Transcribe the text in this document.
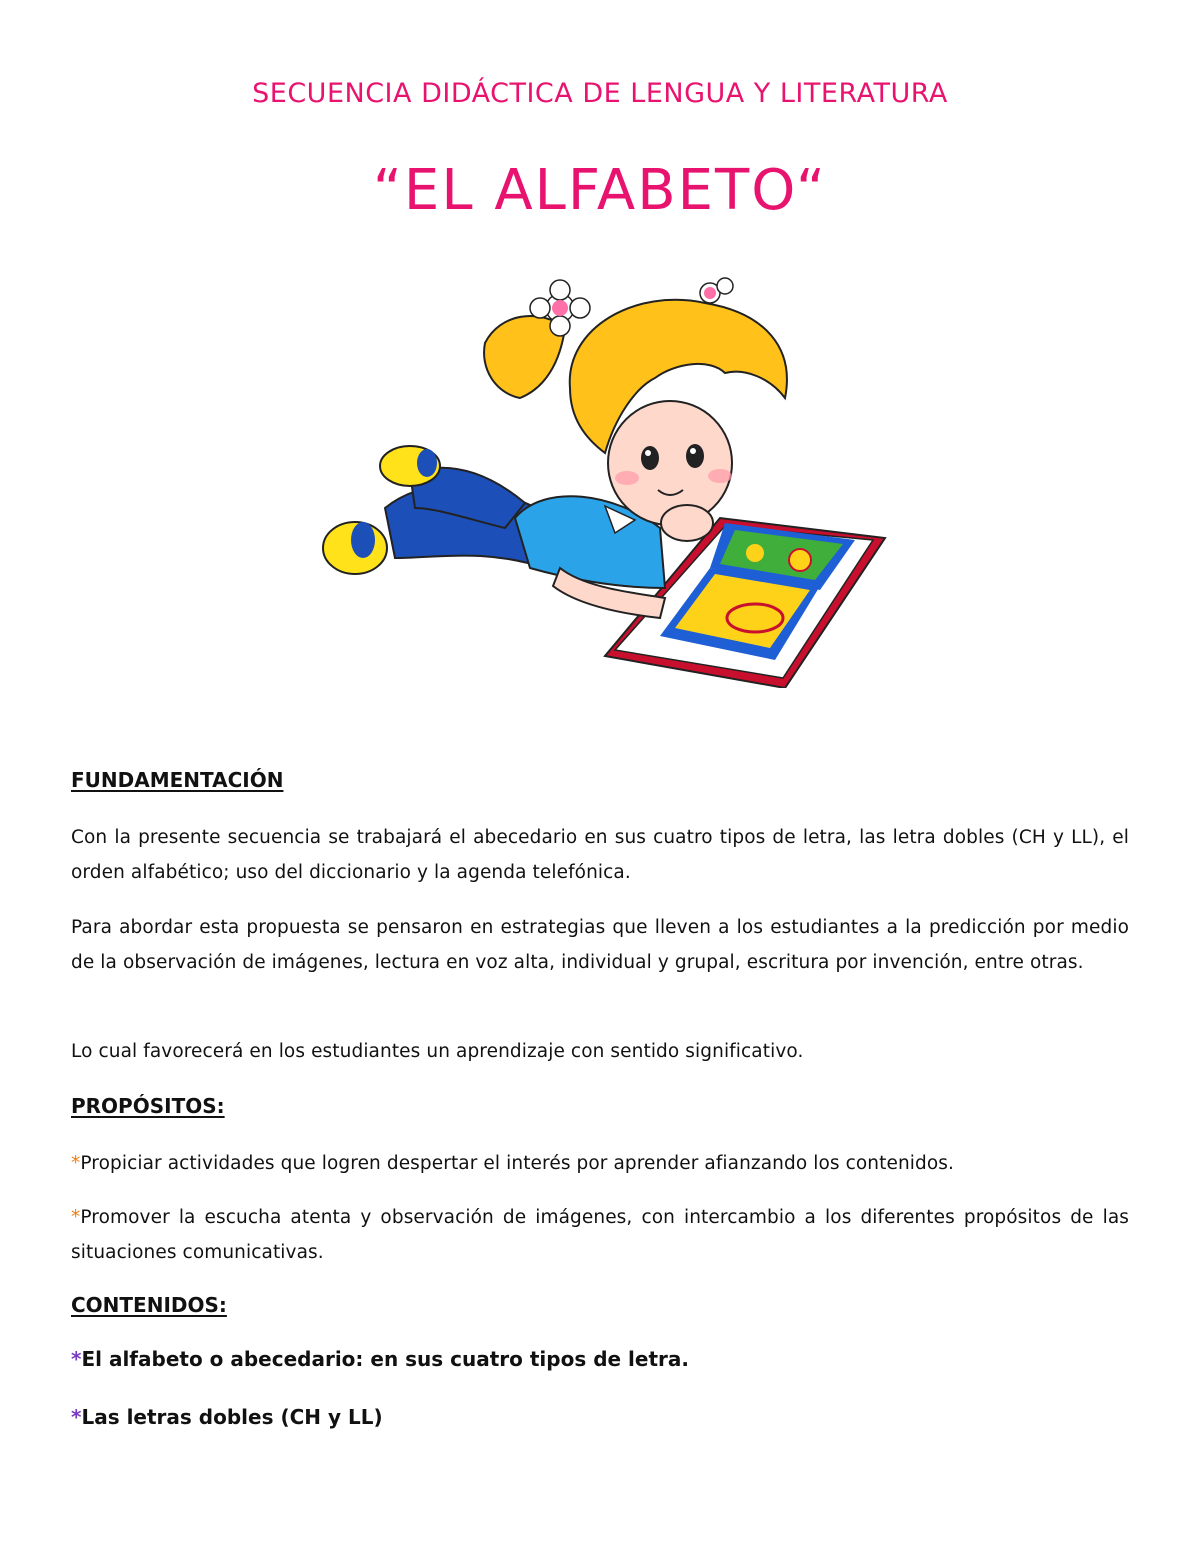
SECUENCIA DIDÁCTICA DE LENGUA Y LITERATURA
“EL ALFABETO“
FUNDAMENTACIÓN
Con la presente secuencia se trabajará el abecedario en sus cuatro tipos de letra, las letra dobles (CH y LL), el orden alfabético; uso del diccionario y la agenda telefónica.
Para abordar esta propuesta se pensaron en estrategias que lleven a los estudiantes a la predicción por medio de la observación de imágenes, lectura en voz alta, individual y grupal, escritura por invención, entre otras.
Lo cual favorecerá en los estudiantes un aprendizaje con sentido significativo.
PROPÓSITOS:
*Propiciar actividades que logren despertar el interés por aprender afianzando los contenidos.
*Promover la escucha atenta y observación de imágenes, con intercambio a los diferentes propósitos de las situaciones comunicativas.
CONTENIDOS:
*El alfabeto o abecedario: en sus cuatro tipos de letra.
*Las letras dobles (CH y LL)
